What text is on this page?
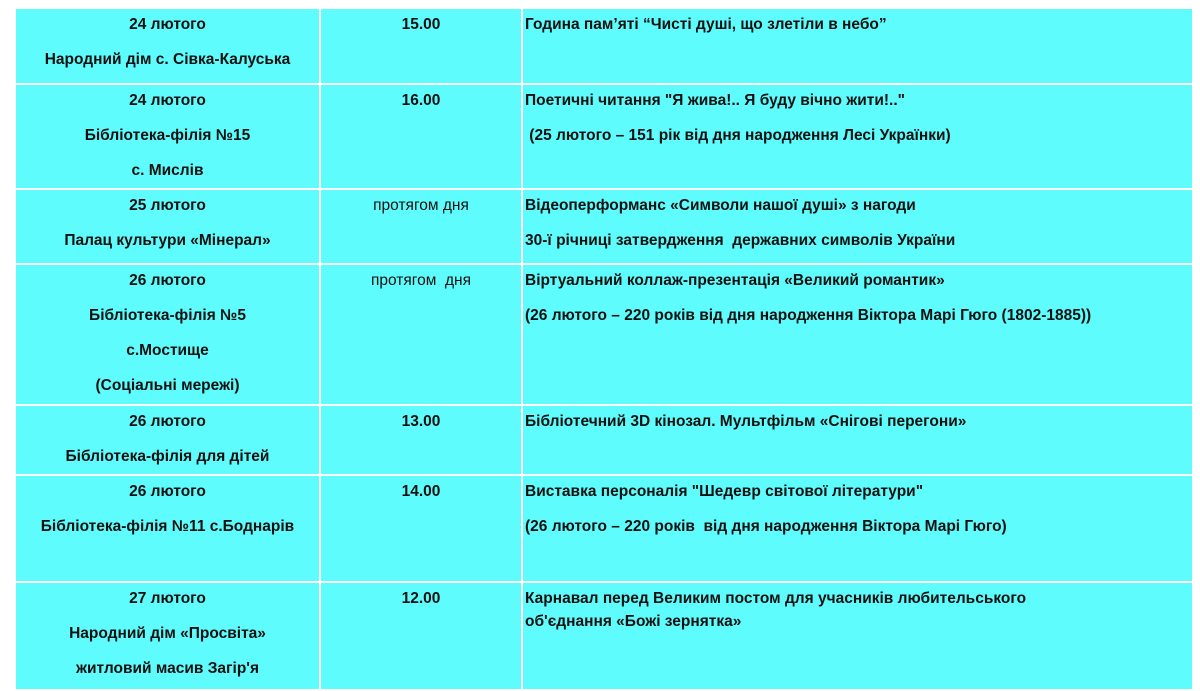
24 лютого
Народний дім с. Сівка-Калуська	15.00	Година пам’яті “Чисті душі, що злетіли в небо”

24 лютого
Бібліотека-філія №15
с. Мислів	16.00	Поетичні читання "Я жива!.. Я буду вічно жити!.."
(25 лютого – 151 рік від дня народження Лесі Українки)

25 лютого
Палац культури «Мінерал»	протягом дня	Відеоперформанс «Символи нашої душі» з нагоди
30-ї річниці затвердження  державних символів України

26 лютого
Бібліотека-філія №5
с.Мостище
(Соціальні мережі)	протягом  дня	Віртуальний коллаж-презентація «Великий романтик»
(26 лютого – 220 років від дня народження Віктора Марі Гюго (1802-1885))

26 лютого
Бібліотека-філія для дітей	13.00	Бібліотечний 3D кінозал. Мультфільм «Снігові перегони»

26 лютого
Бібліотека-філія №11 с.Боднарів	14.00	Виставка персоналія "Шедевр світової літератури"
(26 лютого – 220 років  від дня народження Віктора Марі Гюго)

27 лютого
Народний дім «Просвіта»
житловий масив Загір'я	12.00	Карнавал перед Великим постом для учасників любительського
об'єднання «Божі зернятка»
